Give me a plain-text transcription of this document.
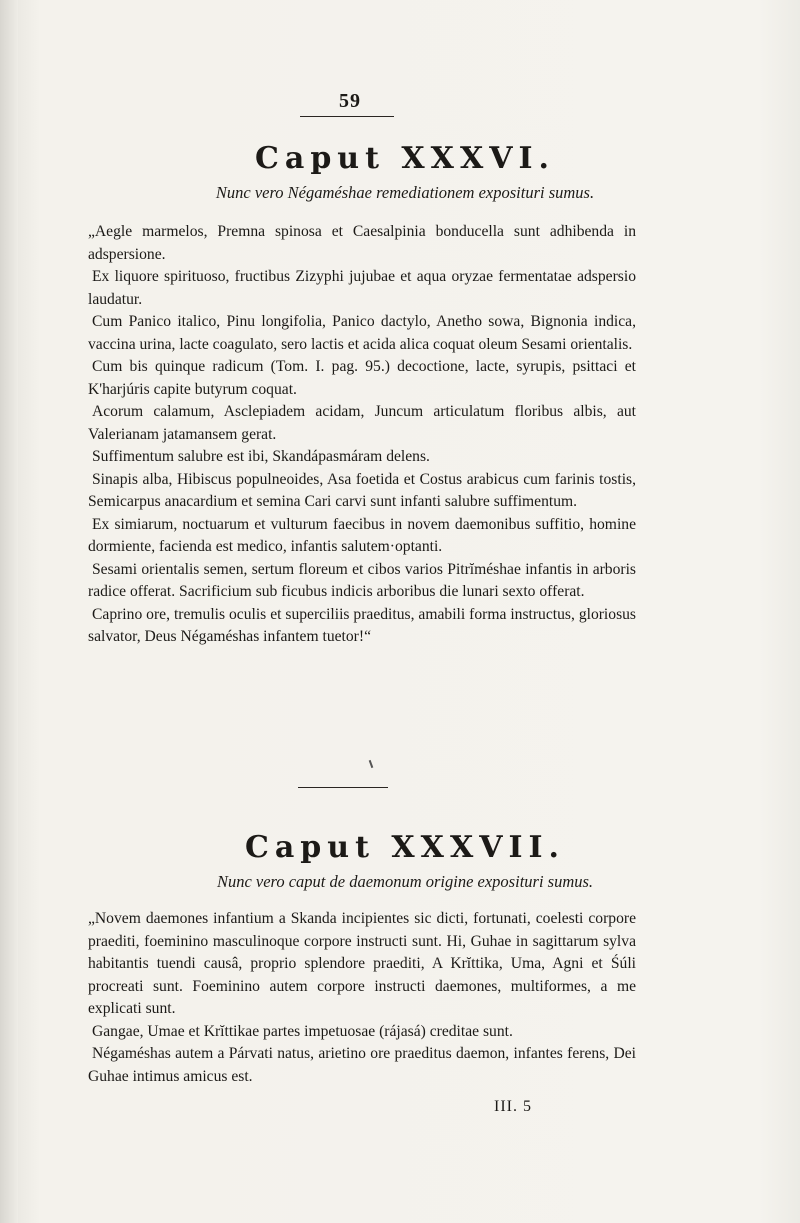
59
Caput XXXVI.
Nunc vero Négaméshae remediationem exposituri sumus.

„Aegle marmelos, Premna spinosa et Caesalpinia bonducella sunt adhibenda in adspersione.

Ex liquore spirituoso, fructibus Zizyphi jujubae et aqua oryzae fermentatae adspersio laudatur.

Cum Panico italico, Pinu longifolia, Panico dactylo, Anetho sowa, Bignonia indica, vaccina urina, lacte coagulato, sero lactis et acida alica coquat oleum Sesami orientalis.

Cum bis quinque radicum (Tom. I. pag. 95.) decoctione, lacte, syrupis, psittaci et K'harjúris capite butyrum coquat.

Acorum calamum, Asclepiadem acidam, Juncum articulatum floribus albis, aut Valerianam jatamansem gerat.

Suffimentum salubre est ibi, Skandápasmáram delens.

Sinapis alba, Hibiscus populneoides, Asa foetida et Costus arabicus cum farinis tostis, Semicarpus anacardium et semina Cari carvi sunt infanti salubre suffimentum.

Ex simiarum, noctuarum et vulturum faecibus in novem daemonibus suffitio, homine dormiente, facienda est medico, infantis salutem·optanti.

Sesami orientalis semen, sertum floreum et cibos varios Pitrĭméshae infantis in arboris radice offerat. Sacrificium sub ficubus indicis arboribus die lunari sexto offerat.

Caprino ore, tremulis oculis et superciliis praeditus, amabili forma instructus, gloriosus salvator, Deus Négaméshas infantem tuetor!“

Caput XXXVII.
Nunc vero caput de daemonum origine exposituri sumus.

„Novem daemones infantium a Skanda incipientes sic dicti, fortunati, coelesti corpore praediti, foeminino masculinoque corpore instructi sunt. Hi, Guhae in sagittarum sylva habitantis tuendi causâ, proprio splendore praediti, A Krĭttika, Uma, Agni et Śúli procreati sunt. Foeminino autem corpore instructi daemones, multiformes, a me explicati sunt.

Gangae, Umae et Krĭttikae partes impetuosae (rájasá) creditae sunt.

Négaméshas autem a Párvati natus, arietino ore praeditus daemon, infantes ferens, Dei Guhae intimus amicus est.

III. 5
